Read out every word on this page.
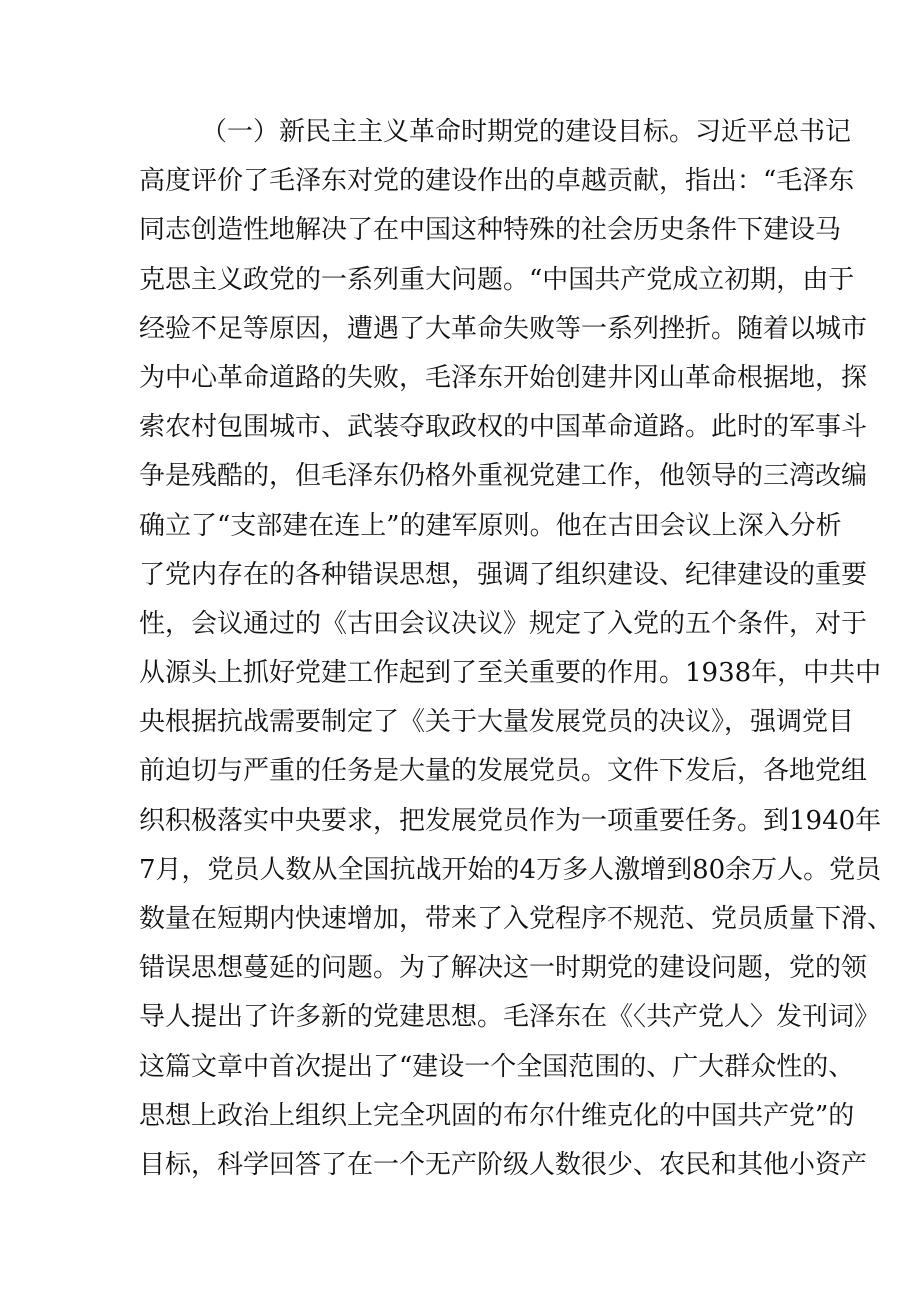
（一）新民主主义革命时期党的建设目标。习近平总书记
高度评价了毛泽东对党的建设作出的卓越贡献，指出：“毛泽东
同志创造性地解决了在中国这种特殊的社会历史条件下建设马
克思主义政党的一系列重大问题。“中国共产党成立初期，由于
经验不足等原因，遭遇了大革命失败等一系列挫折。随着以城市
为中心革命道路的失败，毛泽东开始创建井冈山革命根据地，探
索农村包围城市、武装夺取政权的中国革命道路。此时的军事斗
争是残酷的，但毛泽东仍格外重视党建工作，他领导的三湾改编
确立了“支部建在连上”的建军原则。他在古田会议上深入分析
了党内存在的各种错误思想，强调了组织建设、纪律建设的重要
性，会议通过的《古田会议决议》规定了入党的五个条件，对于
从源头上抓好党建工作起到了至关重要的作用。1938年，中共中
央根据抗战需要制定了《关于大量发展党员的决议》，强调党目
前迫切与严重的任务是大量的发展党员。文件下发后，各地党组
织积极落实中央要求，把发展党员作为一项重要任务。到1940年
7月，党员人数从全国抗战开始的4万多人激增到80余万人。党员
数量在短期内快速增加，带来了入党程序不规范、党员质量下滑、
错误思想蔓延的问题。为了解决这一时期党的建设问题，党的领
导人提出了许多新的党建思想。毛泽东在《〈共产党人〉发刊词》
这篇文章中首次提出了“建设一个全国范围的、广大群众性的、
思想上政治上组织上完全巩固的布尔什维克化的中国共产党”的
目标，科学回答了在一个无产阶级人数很少、农民和其他小资产
